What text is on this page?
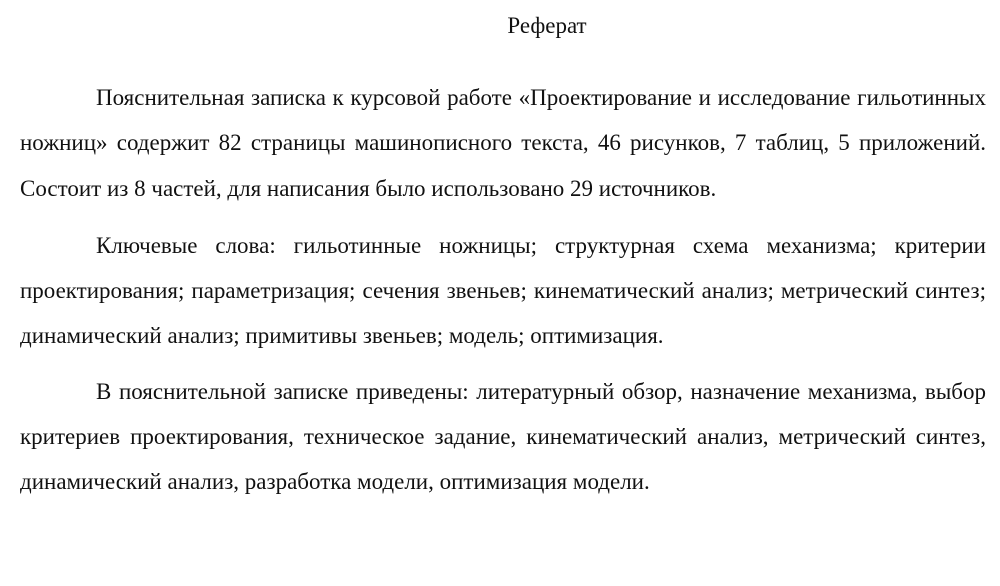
Реферат

Пояснительная записка к курсовой работе «Проектирование и исследование гильотинных ножниц» содержит 82 страницы машинописного текста, 46 рисунков, 7 таблиц, 5 приложений. Состоит из 8 частей, для написания было использовано 29 источников.

Ключевые слова: гильотинные ножницы; структурная схема механизма; критерии проектирования; параметризация; сечения звеньев; кинематический анализ; метрический синтез; динамический анализ; примитивы звеньев; модель; оптимизация.

В пояснительной записке приведены: литературный обзор, назначение механизма, выбор критериев проектирования, техническое задание, кинематический анализ, метрический синтез, динамический анализ, разработка модели, оптимизация модели.
